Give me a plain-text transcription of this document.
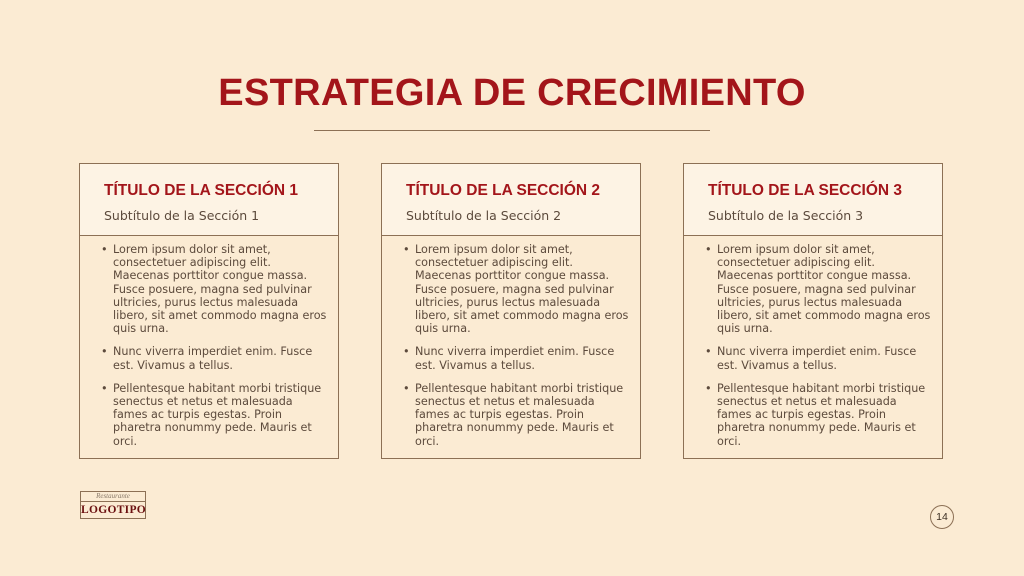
ESTRATEGIA DE CRECIMIENTO
TÍTULO DE LA SECCIÓN 1
Subtítulo de la Sección 1
• Lorem ipsum dolor sit amet, consectetuer adipiscing elit. Maecenas porttitor congue massa. Fusce posuere, magna sed pulvinar ultricies, purus lectus malesuada libero, sit amet commodo magna eros quis urna.
• Nunc viverra imperdiet enim. Fusce est. Vivamus a tellus.
• Pellentesque habitant morbi tristique senectus et netus et malesuada fames ac turpis egestas. Proin pharetra nonummy pede. Mauris et orci.
TÍTULO DE LA SECCIÓN 2
Subtítulo de la Sección 2
• Lorem ipsum dolor sit amet, consectetuer adipiscing elit. Maecenas porttitor congue massa. Fusce posuere, magna sed pulvinar ultricies, purus lectus malesuada libero, sit amet commodo magna eros quis urna.
• Nunc viverra imperdiet enim. Fusce est. Vivamus a tellus.
• Pellentesque habitant morbi tristique senectus et netus et malesuada fames ac turpis egestas. Proin pharetra nonummy pede. Mauris et orci.
TÍTULO DE LA SECCIÓN 3
Subtítulo de la Sección 3
• Lorem ipsum dolor sit amet, consectetuer adipiscing elit. Maecenas porttitor congue massa. Fusce posuere, magna sed pulvinar ultricies, purus lectus malesuada libero, sit amet commodo magna eros quis urna.
• Nunc viverra imperdiet enim. Fusce est. Vivamus a tellus.
• Pellentesque habitant morbi tristique senectus et netus et malesuada fames ac turpis egestas. Proin pharetra nonummy pede. Mauris et orci.
Restaurante
LOGOTIPO
14
